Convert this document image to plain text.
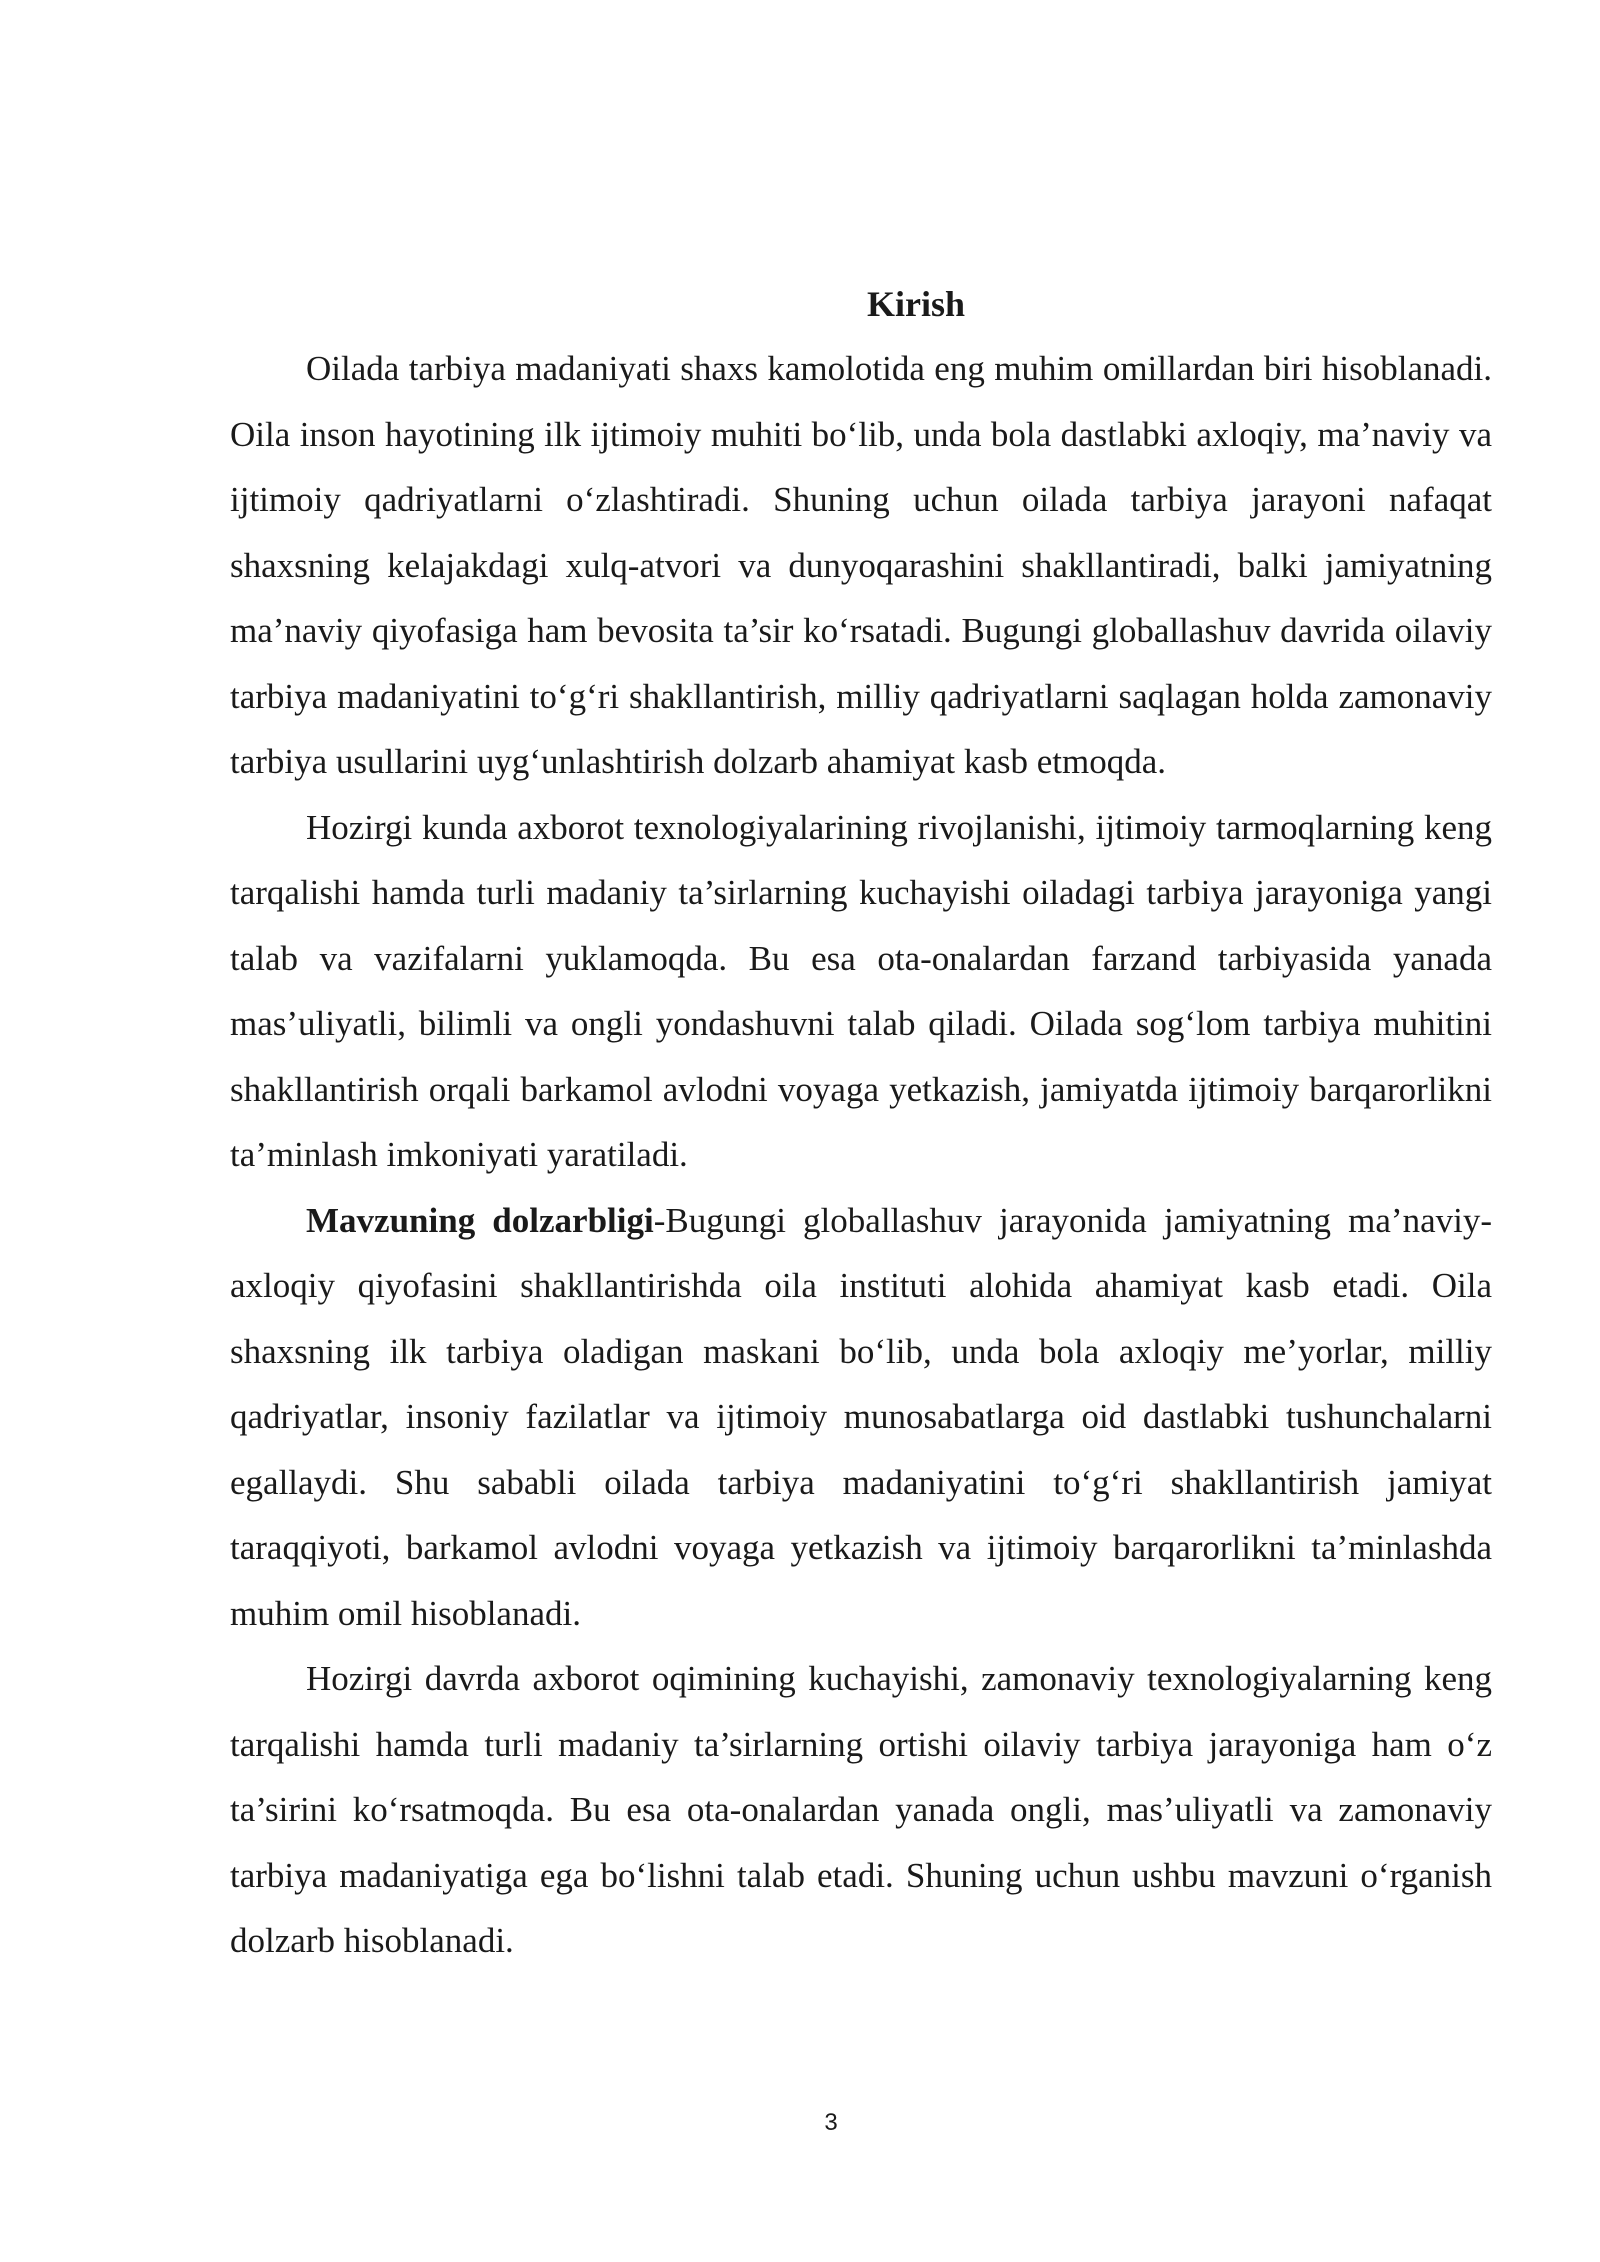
Kirish

Oilada tarbiya madaniyati shaxs kamolotida eng muhim omillardan biri hisoblanadi. Oila inson hayotining ilk ijtimoiy muhiti bo‘lib, unda bola dastlabki axloqiy, ma’naviy va ijtimoiy qadriyatlarni o‘zlashtiradi. Shuning uchun oilada tarbiya jarayoni nafaqat shaxsning kelajakdagi xulq-atvori va dunyoqarashini shakllantiradi, balki jamiyatning ma’naviy qiyofasiga ham bevosita ta’sir ko‘rsatadi. Bugungi globallashuv davrida oilaviy tarbiya madaniyatini to‘g‘ri shakllantirish, milliy qadriyatlarni saqlagan holda zamonaviy tarbiya usullarini uyg‘unlashtirish dolzarb ahamiyat kasb etmoqda.

Hozirgi kunda axborot texnologiyalarining rivojlanishi, ijtimoiy tarmoqlarning keng tarqalishi hamda turli madaniy ta’sirlarning kuchayishi oiladagi tarbiya jarayoniga yangi talab va vazifalarni yuklamoqda. Bu esa ota-onalardan farzand tarbiyasida yanada mas’uliyatli, bilimli va ongli yondashuvni talab qiladi. Oilada sog‘lom tarbiya muhitini shakllantirish orqali barkamol avlodni voyaga yetkazish, jamiyatda ijtimoiy barqarorlikni ta’minlash imkoniyati yaratiladi.

Mavzuning dolzarbligi-Bugungi globallashuv jarayonida jamiyatning ma’naviy-axloqiy qiyofasini shakllantirishda oila instituti alohida ahamiyat kasb etadi. Oila shaxsning ilk tarbiya oladigan maskani bo‘lib, unda bola axloqiy me’yorlar, milliy qadriyatlar, insoniy fazilatlar va ijtimoiy munosabatlarga oid dastlabki tushunchalarni egallaydi. Shu sababli oilada tarbiya madaniyatini to‘g‘ri shakllantirish jamiyat taraqqiyoti, barkamol avlodni voyaga yetkazish va ijtimoiy barqarorlikni ta’minlashda muhim omil hisoblanadi.

Hozirgi davrda axborot oqimining kuchayishi, zamonaviy texnologiyalarning keng tarqalishi hamda turli madaniy ta’sirlarning ortishi oilaviy tarbiya jarayoniga ham o‘z ta’sirini ko‘rsatmoqda. Bu esa ota-onalardan yanada ongli, mas’uliyatli va zamonaviy tarbiya madaniyatiga ega bo‘lishni talab etadi. Shuning uchun ushbu mavzuni o‘rganish dolzarb hisoblanadi.

3
